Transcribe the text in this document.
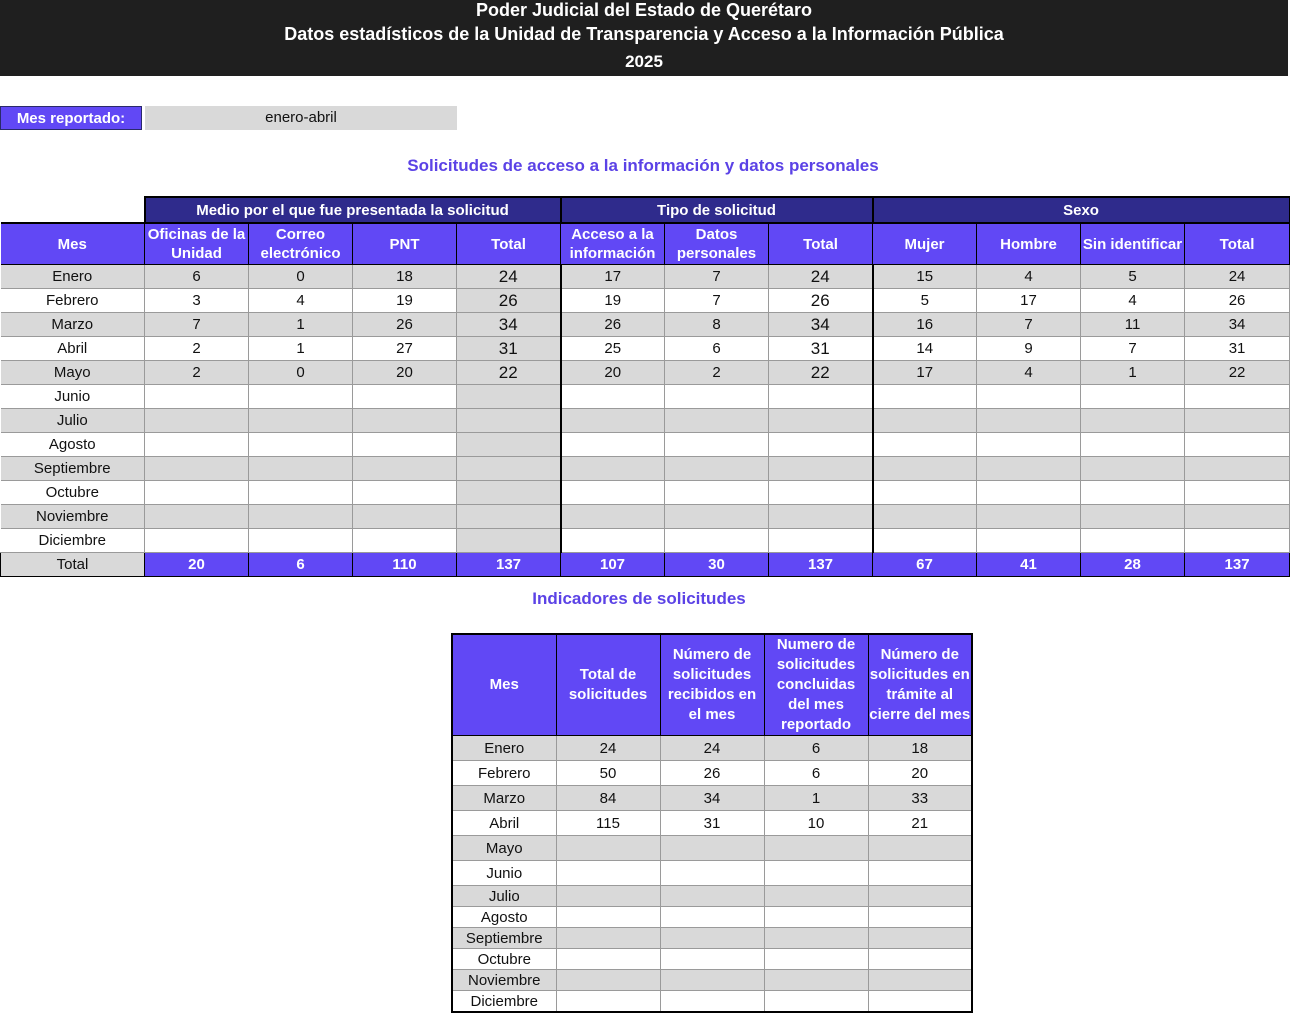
Poder Judicial del Estado de Querétaro
Datos estadísticos de la Unidad de Transparencia y Acceso a la Información Pública
2025
Mes reportado:	enero-abril
Solicitudes de acceso a la información y datos personales
	Medio por el que fue presentada la solicitud				Tipo de solicitud			Sexo			
Mes	Oficinas de la Unidad	Correo electrónico	PNT	Total	Acceso a la información	Datos personales	Total	Mujer	Hombre	Sin identificar	Total
Enero	6	0	18	24	17	7	24	15	4	5	24
Febrero	3	4	19	26	19	7	26	5	17	4	26
Marzo	7	1	26	34	26	8	34	16	7	11	34
Abril	2	1	27	31	25	6	31	14	9	7	31
Mayo	2	0	20	22	20	2	22	17	4	1	22
Junio											
Julio											
Agosto											
Septiembre											
Octubre											
Noviembre											
Diciembre											
Total	20	6	110	137	107	30	137	67	41	28	137
Indicadores de solicitudes
Mes	Total de solicitudes	Número de solicitudes recibidos en el mes	Numero de solicitudes concluidas del mes reportado	Número de solicitudes en trámite al cierre del mes
Enero	24	24	6	18
Febrero	50	26	6	20
Marzo	84	34	1	33
Abril	115	31	10	21
Mayo				
Junio				
Julio				
Agosto				
Septiembre				
Octubre				
Noviembre				
Diciembre				
